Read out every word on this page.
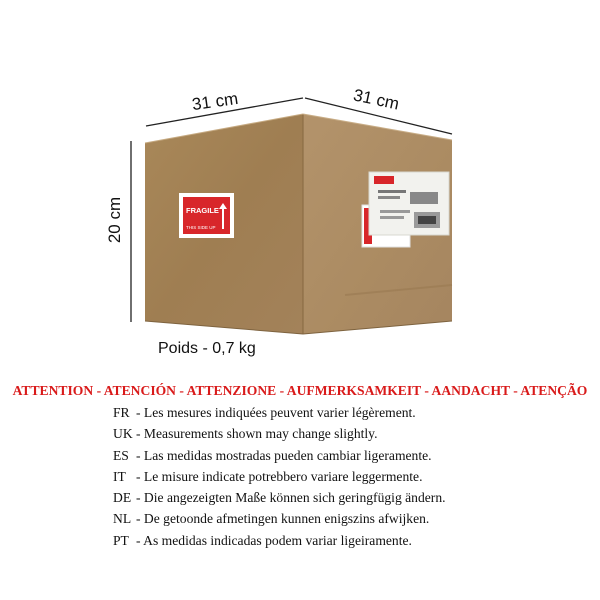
FRAGILE
THIS SIDE UP
31 cm	31 cm
20 cm
Poids - 0,7 kg

ATTENTION - ATENCIÓN - ATTENZIONE - AUFMERKSAMKEIT - AANDACHT - ATENÇÃO

FR - Les mesures indiquées peuvent varier légèrement.
UK - Measurements shown may change slightly.
ES - Las medidas mostradas pueden cambiar ligeramente.
IT - Le misure indicate potrebbero variare leggermente.
DE - Die angezeigten Maße können sich geringfügig ändern.
NL - De getoonde afmetingen kunnen enigszins afwijken.
PT - As medidas indicadas podem variar ligeiramente.
